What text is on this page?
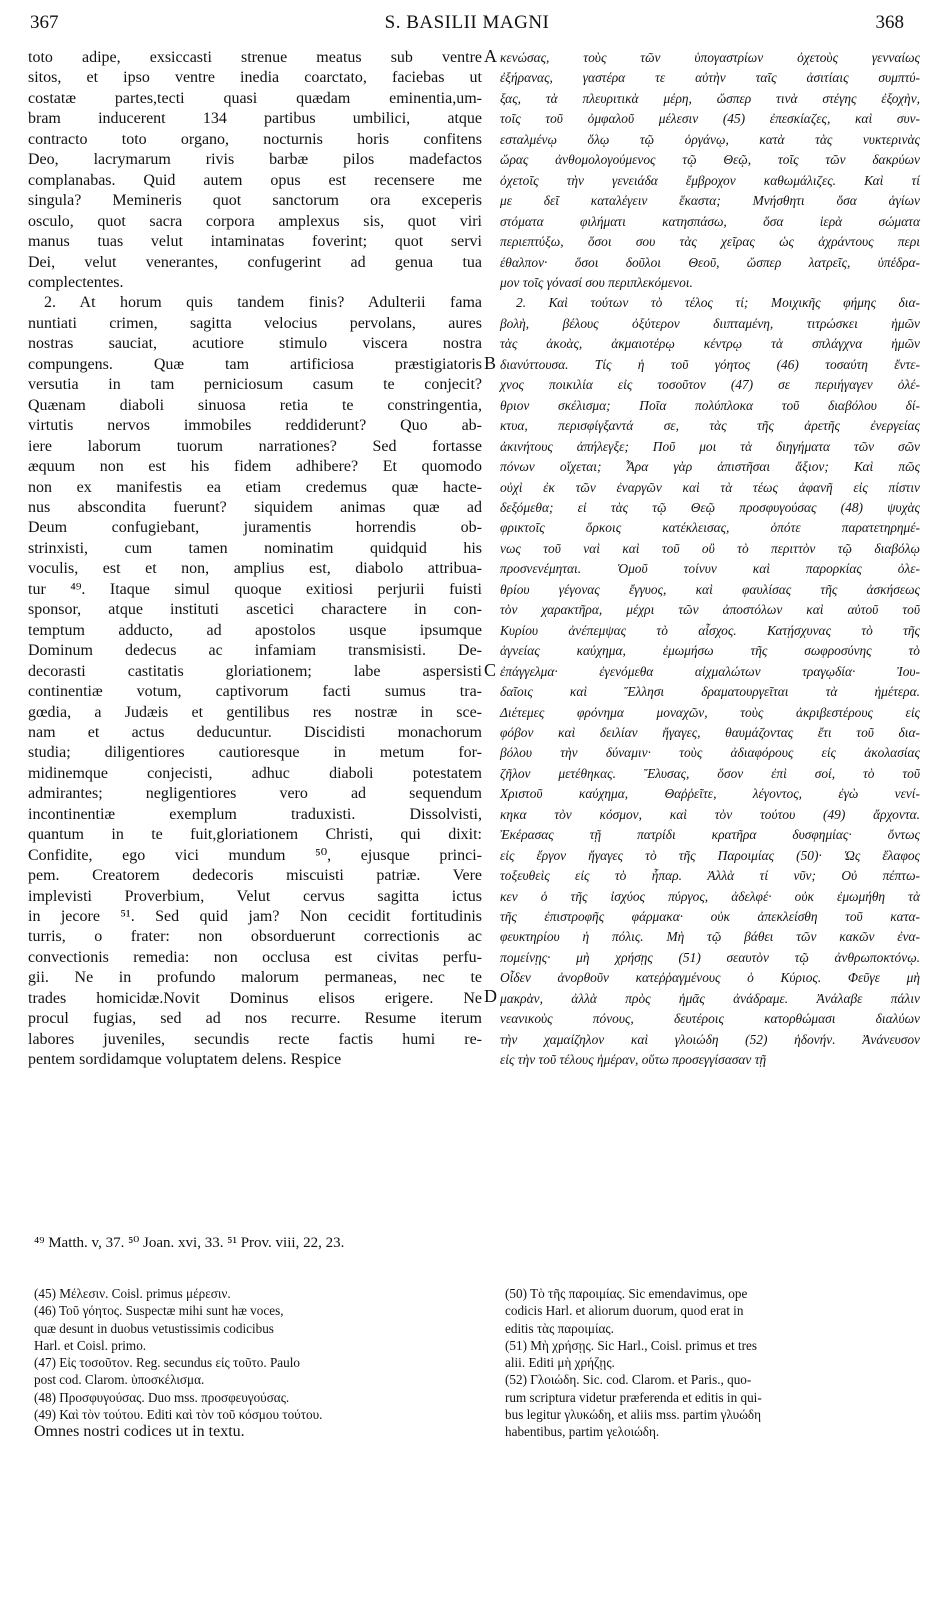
367	S. BASILII MAGNI	368
toto adipe, exsiccasti strenue meatus sub ventre
sitos, et ipso ventre inedia coarctato, faciebas ut
costatæ partes,tecti quasi quædam eminentia,um-
bram inducerent 134 partibus umbilici, atque
contracto toto organo, nocturnis horis confitens
Deo, lacrymarum rivis barbæ pilos madefactos
complanabas. Quid autem opus est recensere me
singula? Memineris quot sanctorum ora exceperis
osculo, quot sacra corpora amplexus sis, quot viri
manus tuas velut intaminatas foverint; quot servi
Dei, velut venerantes, confugerint ad genua tua
complectentes.
2. At horum quis tandem finis? Adulterii fama
nuntiati crimen, sagitta velocius pervolans, aures
nostras sauciat, acutiore stimulo viscera nostra
compungens. Quæ tam artificiosa præstigiatoris
versutia in tam perniciosum casum te conjecit?
Quænam diaboli sinuosa retia te constringentia,
virtutis nervos immobiles reddiderunt? Quo ab-
iere laborum tuorum narrationes? Sed fortasse
æquum non est his fidem adhibere? Et quomodo
non ex manifestis ea etiam credemus quæ hacte-
nus abscondita fuerunt? siquidem animas quæ ad
Deum confugiebant, juramentis horrendis ob-
strinxisti, cum tamen nominatim quidquid his
voculis, est et non, amplius est, diabolo attribua-
tur ⁴⁹. Itaque simul quoque exitiosi perjurii fuisti
sponsor, atque instituti ascetici charactere in con-
temptum adducto, ad apostolos usque ipsumque
Dominum dedecus ac infamiam transmisisti. De-
decorasti castitatis gloriationem; labe aspersisti
continentiæ votum, captivorum facti sumus tra-
gœdia, a Judæis et gentilibus res nostræ in sce-
nam et actus deducuntur. Discidisti monachorum
studia; diligentiores cautioresque in metum for-
midinemque conjecisti, adhuc diaboli potestatem
admirantes; negligentiores vero ad sequendum
incontinentiæ exemplum traduxisti. Dissolvisti,
quantum in te fuit,gloriationem Christi, qui dixit:
Confidite, ego vici mundum ⁵⁰, ejusque princi-
pem. Creatorem dedecoris miscuisti patriæ. Vere
implevisti Proverbium, Velut cervus sagitta ictus
in jecore ⁵¹. Sed quid jam? Non cecidit fortitudinis
turris, o frater: non obsorduerunt correctionis ac
convectionis remedia: non occlusa est civitas perfu-
gii. Ne in profundo malorum permaneas, nec te
trades homicidæ.Novit Dominus elisos erigere. Ne
procul fugias, sed ad nos recurre. Resume iterum
labores juveniles, secundis recte factis humi re-
pentem sordidamque voluptatem delens. Respice
κενώσας, τοὺς τῶν ὑπογαστρίων ὀχετοὺς γενναίως
ἐξήρανας, γαστέρα τε αὐτὴν ταῖς ἀσιτίαις συμπτύ-
ξας, τὰ πλευριτικὰ μέρη, ὥσπερ τινὰ στέγης ἐξοχὴν,
τοῖς τοῦ ὀμφαλοῦ μέλεσιν (45) ἐπεσκίαζες, καὶ συν-
εσταλμένῳ ὅλῳ τῷ ὀργάνῳ, κατὰ τὰς νυκτερινὰς
ὥρας ἀνθομολογούμενος τῷ Θεῷ, τοῖς τῶν δακρύων
ὀχετοῖς τὴν γενειάδα ἔμβροχον καθωμάλιζες. Καὶ τί
με δεῖ καταλέγειν ἕκαστα; Μνήσθητι ὅσα ἁγίων
στόματα φιλήματι κατησπάσω, ὅσα ἱερὰ σώματα
περιεπτύξω, ὅσοι σου τὰς χεῖρας ὡς ἀχράντους περι
έθαλπον· ὅσοι δοῦλοι Θεοῦ, ὥσπερ λατρεῖς, ὑπέδρα-
μον τοῖς γόνασί σου περιπλεκόμενοι.
2. Καὶ τούτων τὸ τέλος τί; Μοιχικῆς φήμης δια-
βολὴ, βέλους ὀξύτερον διιπταμένη, τιτρώσκει ἡμῶν
τὰς ἀκοὰς, ἀκμαιοτέρῳ κέντρῳ τὰ σπλάγχνα ἡμῶν
διανύττουσα. Τίς ἡ τοῦ γόητος (46) τοσαύτη ἔντε-
χνος ποικιλία εἰς τοσοῦτον (47) σε περιήγαγεν ὀλέ-
θριον σκέλισμα; Ποῖα πολύπλοκα τοῦ διαβόλου δί-
κτυα, περισφίγξαντά σε, τὰς τῆς ἀρετῆς ἐνεργείας
ἀκινήτους ἀπήλεγξε; Ποῦ μοι τὰ διηγήματα τῶν σῶν
πόνων οἴχεται; Ἆρα γὰρ ἀπιστῆσαι ἄξιον; Καὶ πῶς
οὐχὶ ἐκ τῶν ἐναργῶν καὶ τὰ τέως ἀφανῆ εἰς πίστιν
δεξόμεθα; εἰ τὰς τῷ Θεῷ προσφυγούσας (48) ψυχὰς
φρικτοῖς ὅρκοις κατέκλεισας, ὁπότε παρατετηρημέ-
νως τοῦ ναὶ καὶ τοῦ οὒ τὸ περιττὸν τῷ διαβόλῳ
προσνενέμηται. Ὁμοῦ τοίνυν καὶ παρορκίας ὀλε-
θρίου γέγονας ἔγγυος, καὶ φαυλίσας τῆς ἀσκήσεως
τὸν χαρακτῆρα, μέχρι τῶν ἀποστόλων καὶ αὐτοῦ τοῦ
Κυρίου ἀνέπεμψας τὸ αἶσχος. Κατῄσχυνας τὸ τῆς
ἁγνείας καύχημα, ἐμωμήσω τῆς σωφροσύνης τὸ
ἐπάγγελμα· ἐγενόμεθα αἰχμαλώτων τραγῳδία· Ἰου-
δαῖοις καὶ Ἕλλησι δραματουργεῖται τὰ ἡμέτερα.
Διέτεμες φρόνημα μοναχῶν, τοὺς ἀκριβεστέρους εἰς
φόβον καὶ δειλίαν ἤγαγες, θαυμάζοντας ἔτι τοῦ δια-
βόλου τὴν δύναμιν· τοὺς ἀδιαφόρους εἰς ἀκολασίας
ζῆλον μετέθηκας. Ἔλυσας, ὅσον ἐπὶ σοί, τὸ τοῦ
Χριστοῦ καύχημα, Θαῤῥεῖτε, λέγοντος, ἐγὼ νενί-
κηκα τὸν κόσμον, καὶ τὸν τούτου (49) ἄρχοντα.
Ἐκέρασας τῇ πατρίδι κρατῆρα δυσφημίας· ὄντως
εἰς ἔργον ἤγαγες τὸ τῆς Παροιμίας (50)· Ὡς ἔλαφος
τοξευθεὶς εἰς τὸ ἧπαρ. Ἀλλὰ τί νῦν; Οὐ πέπτω-
κεν ὁ τῆς ἰσχύος πύργος, ἀδελφέ· οὐκ ἐμωμήθη τὰ
τῆς ἐπιστροφῆς φάρμακα· οὐκ ἀπεκλείσθη τοῦ κατα-
φευκτηρίου ἡ πόλις. Μὴ τῷ βάθει τῶν κακῶν ἐνα-
πομείνῃς· μὴ χρήσῃς (51) σεαυτὸν τῷ ἀνθρωποκτόνῳ.
Οἶδεν ἀνορθοῦν κατεῤῥαγμένους ὁ Κύριος. Φεῦγε μὴ
μακρὰν, ἀλλὰ πρὸς ἡμᾶς ἀνάδραμε. Ἀνάλαβε πάλιν
νεανικοὺς πόνους, δευτέροις κατορθώμασι διαλύων
τὴν χαμαίζηλον καὶ γλοιώδη (52) ἡδονήν. Ἀνάνευσον
εἰς τὴν τοῦ τέλους ἡμέραν, οὕτω προσεγγίσασαν τῇ
A
B
C
D
⁴⁹ Matth. v, 37. ⁵⁰ Joan. xvi, 33. ⁵¹ Prov. viii, 22, 23.
(45) Μέλεσιν. Coisl. primus μέρεσιν.
(46) Τοῦ γόητος. Suspectæ mihi sunt hæ voces,
quæ desunt in duobus vetustissimis codicibus
Harl. et Coisl. primo.
(47) Εἰς τοσοῦτον. Reg. secundus εἰς τοῦτο. Paulo
post cod. Clarom. ὑποσκέλισμα.
(48) Προσφυγούσας. Duo mss. προσφευγούσας.
(49) Καὶ τὸν τούτου. Editi καὶ τὸν τοῦ κόσμου τούτου.
Omnes nostri codices ut in textu.
(50) Τὸ τῆς παροιμίας. Sic emendavimus, ope
codicis Harl. et aliorum duorum, quod erat in
editis τὰς παροιμίας.
(51) Μὴ χρήσῃς. Sic Harl., Coisl. primus et tres
alii. Editi μὴ χρήζῃς.
(52) Γλοιώδη. Sic. cod. Clarom. et Paris., quo-
rum scriptura videtur præferenda et editis in qui-
bus legitur γλυκώδη, et aliis mss. partim γλυώδη
habentibus, partim γελοιώδη.
